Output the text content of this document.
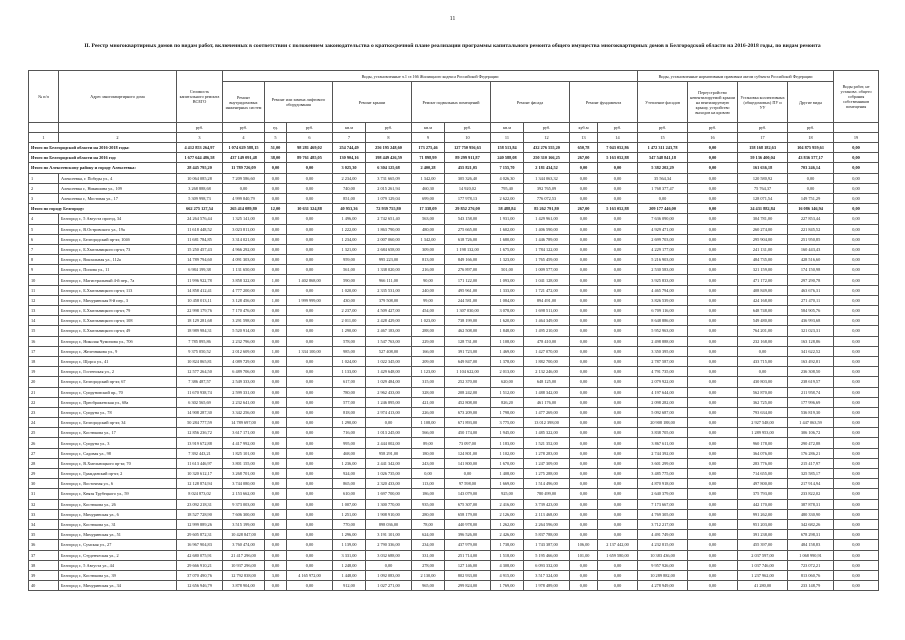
11
II. Реестр многоквартирных домов по видам работ, включенных в соответствии с положением законодательства о краткосрочной плане реализации программы капитального ремонта общего имущества многоквартирных домов в Белгородской области на 2016-2018 годы, по видам ремонта
№ п/п	Адрес многоквартирного дома	Стоимость капитального ремонта ВСЕГО	Виды, установленные ч.1 ст.166 Жилищного кодекса Российской Федерации											Виды, установленные нормативным правовым актом субъекта Российской Федерации				Виды работ, не установл. общего собрания собственников помещения
			Ремонт внутридомовых инженерных систем	Ремонт или замена лифтового оборудования		Ремонт крыши		Ремонт подвальных помещений		Ремонт фасада		Ремонт фундамента		Утепление фасадов	Переустройство невентилируемой крыши на вентилируемую крышу, устройство выходов на кровлю	Установка коллективных (общедомовых) ПУ и УУ	Другие виды	

		руб.	руб.	ед.	руб.	кв.м	руб.	кв.м	руб.	кв.м	руб.	куб.м	руб.	руб.	руб.	руб.	руб.	
1	2	3	4	5	6	7	8	9	10	11	12	13	14	15	16	17	18	19
Итого по Белгородской области на 2016-2018 годы:		4 412 853 264,97	1 074 629 588,15	51,00	98 281 469,02	254 744,49	256 195 248,60	173 275,46	127 750 956,63	158 513,84	432 276 555,20	650,78	7 043 052,86	1 472 311 243,78	0,00	158 168 182,63	104 875 959,61	0,00
Итого по Белгородской области на 2016 год:		1 677 644 486,58	437 149 091,48	38,00	89 761 485,05	130 904,16	198 449 426,59	71 898,99	89 299 911,87	240 588,08	250 310 166,25	267,00	5 163 052,88	547 548 841,18	0,00	59 136 400,04	43 836 577,17	0,00
Итого по Алексеевскому району и городу Алексеевка:		28 445 795,20	11 789 726,09	0,00	0,00	3 025,30	6 304 125,68	2 400,28	455 821,05	7 155,70	2 181 434,52	0,00	0,00	5 382 202,29	0,00	161 636,18	703 246,14	0,00
1	Алексеевка, г. Победы ул., 4	10 064 085,28	7 209 586,60	0,00	0,00	2 234,00	3 731 665,09	1 342,00	305 326,40	4 026,30	1 344 063,32	0,00	0,00	35 564,34	0,00	120 580,92	0,00	0,00
2	Алексеевка г., Никишина ул., 109	3 268 888,68	0,00	0,00	0,00	740,00	2 015 261,94	460,30	14 920,02	795,40	392 765,09	0,00	0,00	1 768 377,47	0,00	75 764,37	0,00	0,00
3	Алексеевка г., Мостовая ул., 17	5 309 998,73	4 999 840,79	0,00	0,00	851,00	1 079 129,04	699,00	177 978,13	2 622,00	776 072,53	0,00	0,00	0,00	0,00	128 071,54	149 751,29	0,00
Итого по городу Белгороду:		662 275 127,54	265 414 089,80	12,00	10 631 324,88	40 953,36	72 939 755,80	17 338,09	29 852 276,00	58 488,84	85 262 791,80	267,00	5 163 052,88	209 177 446,00	0,00	24 431 882,84	16 086 146,94	0,00
4	Белгород г., 5 Августа проезд, 34	24 264 576,44	1 325 141,00	0,00	0,00	1 496,00	2 742 651,40	563,00	543 158,00	1 931,00	1 429 961,00	0,00	0,00	7 636 090,00	0,00	304 781,00	227 853,44	0,00
5	Белгород г., В.Островского ул., 19а	11 618 448,52	3 023 811,00	0,00	0,00	1 222,00	1 863 790,00	480,00	275 665,00	1 602,00	1 406 590,00	0,00	0,00	4 929 471,00	0,00	260 274,00	221 845,52	0,00
6	Белгород г., Белгородский пр-кт, 104б	11 681 784,85	3 314 021,00	0,00	0,00	1 234,00	2 007 060,00	1 342,00	618 726,00	1 680,00	1 446 789,00	0,00	0,00	2 699 703,00	0,00	295 904,00	251 950,85	0,00
7	Белгород г., Б.Хмельницкого пр-кт, 73	15 250 457,43	4 966 292,00	0,00	0,00	1 321,00	2 684 658,00	309,00	1 198 132,00	1 675,00	1 784 122,00	0,00	0,00	4 229 177,00	0,00	241 131,00	160 443,43	0,00
8	Белгород г., Вокзальная ул., 112а	14 789 794,60	4 091 303,00	0,00	0,00	959,00	995 223,00	813,00	849 166,00	1 323,00	1 765 459,00	0,00	0,00	5 216 903,00	0,00	484 735,00	428 516,60	0,00
9	Белгород г., Попова ул., 11	6 984 199,38	1 131 650,00	0,00	0,00	561,00	1 338 020,00	216,00	276 897,00	501,00	1 009 577,00	0,00	0,00	2 530 583,00	0,00	321 159,00	174 150,98	0,00
10	Белгород г., Магистральный 4-й пер., 7а	11 996 922,78	3 858 322,00	1,00	1 402 868,00	590,00	966 111,00	90,00	171 122,00	1 093,00	1 041 128,00	0,00	0,00	3 925 833,00	0,00	471 172,00	297 290,78	0,00
11	Белгород г., Б.Хмельницкого пр-кт, 113	14 858 412,41	4 777 200,00	0,00	0,00	1 020,00	2 335 531,00	240,00	495 961,00	1 333,00	1 721 472,00	0,00	0,00	4 465 794,00	0,00	408 849,00	463 676,31	0,00
12	Белгород г., Мичуринская 8-й пер., 3	10 458 013,11	3 128 456,00	1,00	1 999 999,00	430,00	379 508,00	99,00	244 581,00	1 084,00	894 491,00	0,00	0,00	3 826 539,00	0,00	424 168,00	271 470,11	0,00
13	Белгород г., Б.Хмельницкого пр-кт, 79	22 998 179,76	7 170 476,00	0,00	0,00	2 237,00	4 509 427,00	454,00	1 307 030,00	3 078,00	1 698 511,00	0,00	0,00	6 709 116,00	0,00	648 748,00	584 905,76	0,00
14	Белгород г., Б.Хмельницкого пр-кт, 108	18 129 281,68	3 291 598,00	0,00	0,00	2 011,00	2 428 429,00	1 023,00	738 199,00	1 620,00	1 464 349,00	0,00	0,00	8 648 886,00	0,00	549 480,00	436 993,68	0,00
15	Белгород г., Б.Хмельницкого пр-кт, 49	18 989 984,31	5 520 914,00	0,00	0,00	1 290,00	2 467 183,00	288,00	462 508,00	1 848,00	1 495 210,00	0,00	0,00	5 952 963,00	0,00	764 201,00	321 023,31	0,00
16	Белгород г., Николая Чумичова ул., 70б	7 785 895,86	2 232 796,00	0,00	0,00	578,00	1 547 763,00	229,00	128 731,00	1 108,00	478 410,00	0,00	0,00	2 498 888,00	0,00	232 168,00	163 128,86	0,00
17	Белгород г., Железнякова ул., 9	9 375 050,52	2 012 609,00	1,00	1 334 100,00	985,00	527 408,00	166,00	391 723,00	1 469,00	1 427 070,00	0,00	0,00	3 350 395,00	0,00	0,00	341 622,52	0,00
18	Белгород г., Щорса ул., 41	10 824 865,81	4 089 729,00	0,00	0,00	1 024,00	1 022 345,00	209,00	649 847,00	1 378,00	1 882 700,00	0,00	0,00	2 787 587,00	0,00	433 715,00	163 492,81	0,00
19	Белгород г., Гостенская ул., 2	12 577 264,50	6 489 706,00	0,00	0,00	1 133,00	1 429 648,00	1 123,00	1 104 622,00	2 013,00	2 132 246,00	0,00	0,00	4 791 735,00	0,00	0,00	236 308,50	0,00
20	Белгород г., Белгородский пр-кт, 67	7 386 487,57	2 549 333,00	0,00	0,00	617,00	1 029 484,00	315,00	252 370,00	620,00	648 125,00	0,00	0,00	2 079 922,00	0,00	430 803,00	238 619,57	0,00
21	Белгород г., Супруновский пр., 70	11 670 938,74	2 599 331,00	0,00	0,00	780,00	2 962 433,00	328,00	208 242,00	1 512,00	1 488 342,00	0,00	0,00	4 197 644,00	0,00	562 870,00	211 958,74	0,00
22	Белгород г., Преображенская ул., 68а	6 302 565,69	2 232 641,00	0,00	0,00	577,00	1 246 895,00	421,00	452 808,00	826,20	461 176,00	0,00	0,00	2 098 282,00	0,00	362 725,00	177 996,69	0,00
23	Белгород г., Супруна ул., 78	14 908 287,30	3 342 256,00	0,00	0,00	818,00	2 974 413,00	226,00	673 209,00	1 798,00	1 477 269,00	0,00	0,00	5 092 687,00	0,00	793 634,00	536 819,30	0,00
24	Белгород г., Белгородский пр-кт, 34	50 284 777,59	14 789 697,00	0,00	0,00	1 290,00	0,00	1 108,00	671 893,00	3 775,00	13 012 398,00	0,00	0,00	20 908 188,00	0,00	2 927 548,00	1 447 063,59	0,00
25	Белгород г., Костюкова ул., 17	12 856 236,72	3 617 171,00	0,00	0,00	716,00	1 013 245,00	566,00	450 174,00	1 945,00	1 485 322,00	0,00	0,00	3 838 705,00	0,00	1 289 953,00	306 106,72	0,00
26	Белгород г., Супруна ул., 3	13 919 672,88	4 417 992,00	0,00	0,00	995,00	2 444 002,00	89,00	73 097,00	1 183,00	1 521 352,00	0,00	0,00	3 867 611,00	0,00	960 178,00	290 472,88	0,00
27	Белгород г., Садовая ул., 98	7 392 443,21	1 825 101,00	0,00	0,00	468,00	958 291,00	180,00	124 801,00	1 102,00	1 278 283,00	0,00	0,00	2 744 392,00	0,00	364 076,00	176 286,21	0,00
28	Белгород г., В.Хмельницкого пр-кт, 70	11 613 446,97	3 801 155,00	0,00	0,00	1 236,00	2 441 342,00	243,00	141 800,00	1 670,00	1 247 309,00	0,00	0,00	3 601 299,00	0,00	283 776,00	215 417,97	0,00
29	Белгород г., Гражданский пр-кт, 2	10 320 612,17	3 268 701,00	0,00	0,00	924,00	1 026 735,00	0,00	0,00	1 408,00	1 275 288,00	0,00	0,00	3 485 775,00	0,00	714 655,00	325 585,17	0,00
30	Белгород г., Восточная ул., 6	12 128 874,94	3 744 080,00	0,00	0,00	865,00	2 320 433,00	113,00	97 598,00	1 669,00	1 514 496,00	0,00	0,00	4 870 918,00	0,00	497 800,00	217 914,94	0,00
31	Белгород г., Князя Трубецкого ул., 59	8 024 873,02	2 153 662,00	0,00	0,00	610,00	1 697 700,00	186,00	143 079,00	925,00	780 499,00	0,00	0,00	2 640 379,00	0,00	375 793,00	233 822,02	0,00
32	Белгород г., Костюкова ул., 26	23 092 218,31	9 373 003,00	0,00	0,00	1 007,00	1 300 770,00	935,00	675 307,00	2 416,00	3 739 423,00	0,00	0,00	7 173 667,00	0,00	442 170,00	387 878,31	0,00
33	Белгород г., Мичуринская ул., 6	18 527 728,90	7 606 300,00	0,00	0,00	1 251,00	1 908 910,00	280,00	658 179,00	2 126,00	2 113 468,00	0,00	0,00	4 769 305,00	0,00	991 262,00	480 330,90	0,00
34	Белгород г., Костюкова ул., 31	12 999 889,26	3 515 199,00	0,00	0,00	770,00	898 036,00	78,00	440 978,00	1 262,00	2 264 596,00	0,00	0,00	3 712 217,00	0,00	951 203,00	342 682,26	0,00
35	Белгород г., Мичуринская ул., 51	29 605 872,31	10 428 847,00	0,00	0,00	1 296,00	3 191 101,00	624,00	396 526,00	2 426,00	5 837 788,00	0,00	0,00	4 491 749,00	0,00	391 238,00	678 298,31	0,00
36	Белгород г., Сумская ул., 27	16 967 904,83	3 760 474,00	0,00	0,00	1 139,00	2 790 336,00	234,00	437 979,00	1 738,00	1 743 387,00	106,00	2 137 442,00	4 232 815,00	0,00	455 397,00	484 158,83	0,00
37	Белгород г., Студенческая ул., 2	42 680 075,91	21 417 296,00	0,00	0,00	3 331,00	3 032 688,00	331,00	251 714,00	1 518,00	5 195 466,00	101,00	1 659 580,00	10 383 436,00	0,00	2 037 597,00	1 068 990,91	0,00
38	Белгород г., 5 Августа ул., 44	29 666 910,21	10 937 296,00	0,00	0,00	1 248,00	0,00	278,00	127 146,00	4 308,00	6 093 332,00	0,00	0,00	9 957 926,00	0,00	1 037 746,00	723 072,21	0,00
39	Белгород г., Костюкова ул., 39	37 070 490,76	12 792 838,00	3,00	4 165 972,00	1 448,00	1 092 083,00	2 130,00	802 933,00	4 915,00	3 517 324,00	0,00	0,00	10 289 882,00	0,00	1 237 962,00	813 060,76	0,00
40	Белгород г., Мичуринская ул., 34	12 656 946,79	3 878 904,00	0,00	0,00	912,00	1 027 271,00	965,00	299 824,00	1 769,00	1 978 489,00	0,00	0,00	4 278 949,00	0,00	41 280,00	233 148,79	0,00
